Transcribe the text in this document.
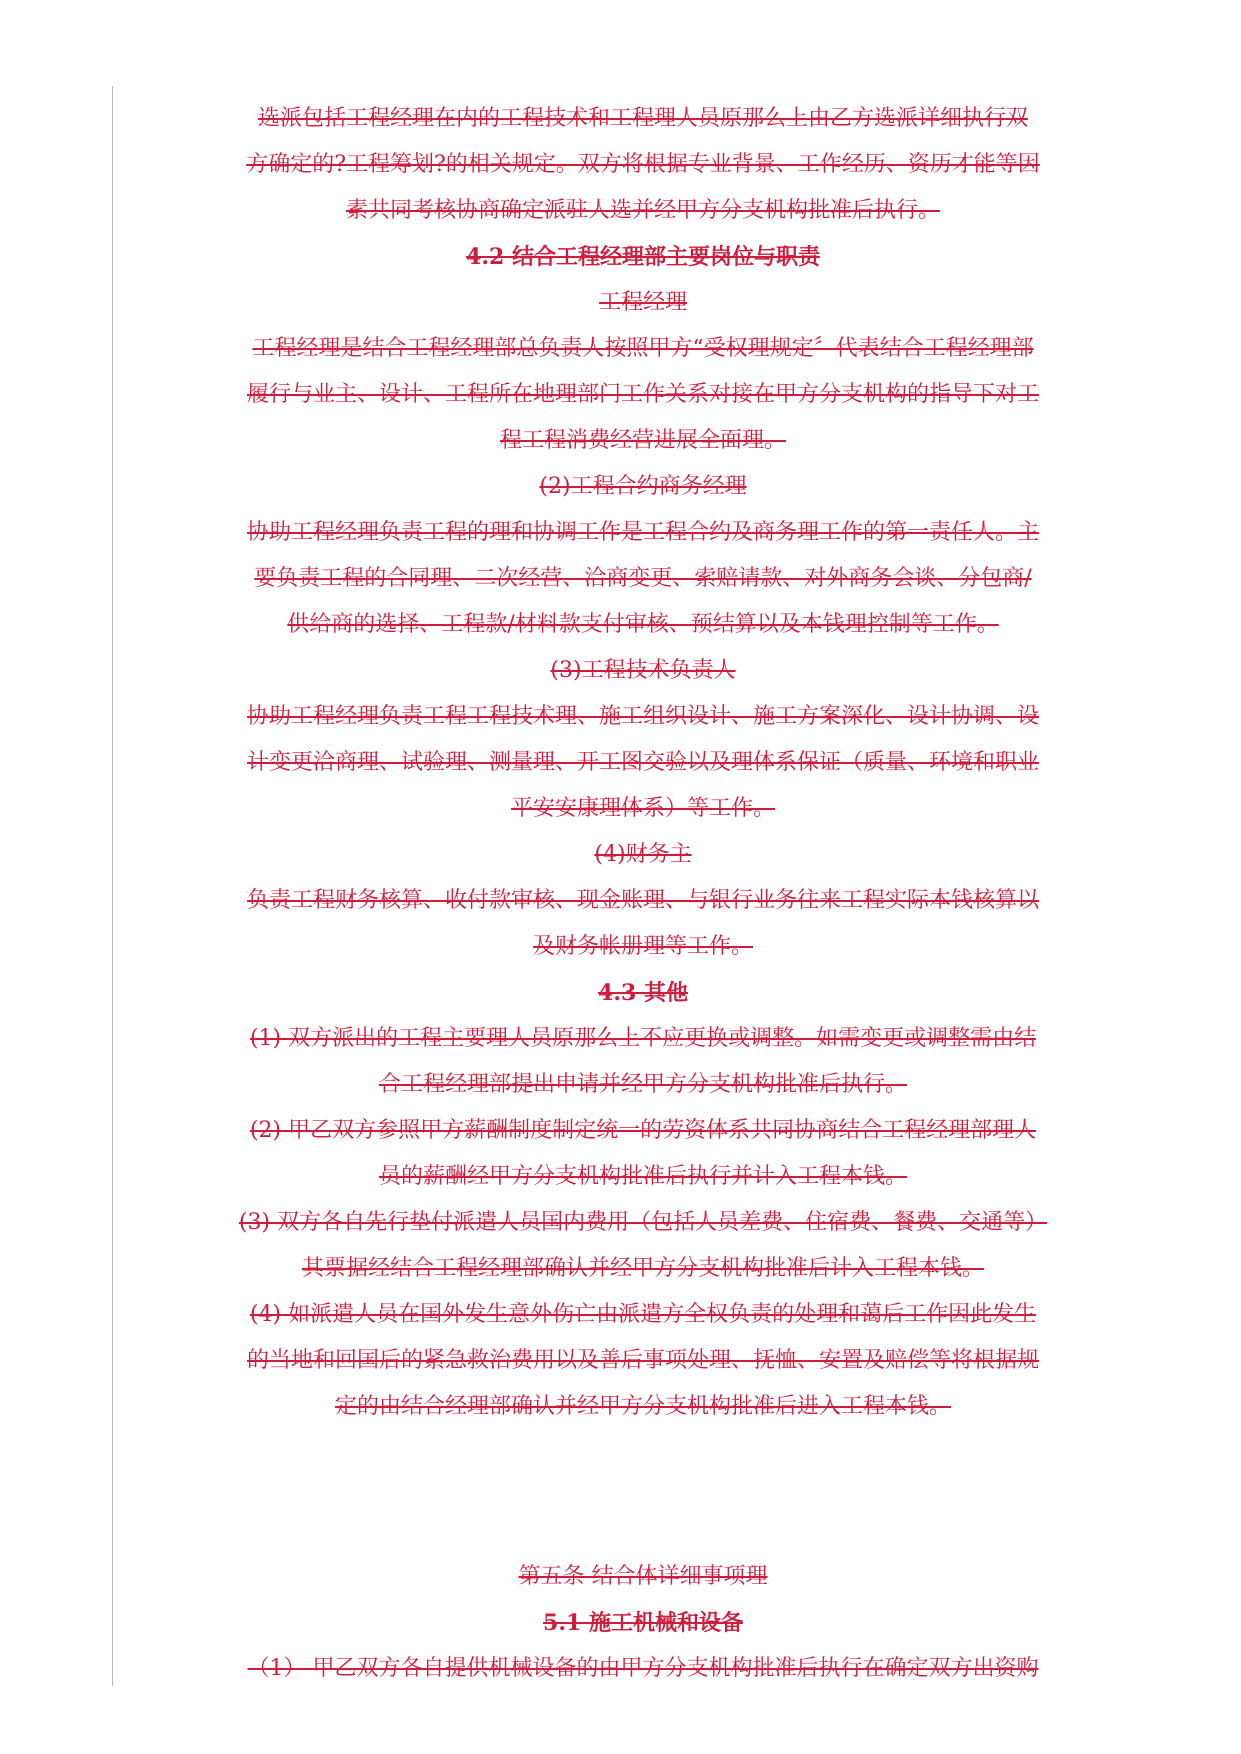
选派包括工程经理在内的工程技术和工程理人员原那么上由乙方选派详细执行双
方确定的?工程筹划?的相关规定。双方将根据专业背景、工作经历、资历才能等因
素共同考核协商确定派驻人选并经甲方分支机构批准后执行。
4.2 结合工程经理部主要岗位与职责
工程经理
工程经理是结合工程经理部总负责人按照甲方“受权理规定〞代表结合工程经理部
履行与业主、设计、工程所在地理部门工作关系对接在甲方分支机构的指导下对工
程工程消费经营进展全面理。
(2)工程合约商务经理
协助工程经理负责工程的理和协调工作是工程合约及商务理工作的第一责任人。主
要负责工程的合同理、二次经营、洽商变更、索赔请款、对外商务会谈、分包商/
供给商的选择、工程款/材料款支付审核、预结算以及本钱理控制等工作。
(3)工程技术负责人
协助工程经理负责工程工程技术理、施工组织设计、施工方案深化、设计协调、设
计变更洽商理、试验理、测量理、开工图交验以及理体系保证（质量、环境和职业
平安安康理体系）等工作。
(4)财务主
负责工程财务核算、收付款审核、现金账理、与银行业务往来工程实际本钱核算以
及财务帐册理等工作。
4.3 其他
(1) 双方派出的工程主要理人员原那么上不应更换或调整。如需变更或调整需由结
合工程经理部提出申请并经甲方分支机构批准后执行。
(2) 甲乙双方参照甲方薪酬制度制定统一的劳资体系共同协商结合工程经理部理人
员的薪酬经甲方分支机构批准后执行并计入工程本钱。
(3) 双方各自先行垫付派遣人员国内费用（包括人员差费、住宿费、餐费、交通等）
其票据经结合工程经理部确认并经甲方分支机构批准后计入工程本钱。
(4) 如派遣人员在国外发生意外伤亡由派遣方全权负责的处理和蔼后工作因此发生
的当地和回国后的紧急救治费用以及善后事项处理、抚恤、安置及赔偿等将根据规
定的由结合经理部确认并经甲方分支机构批准后进入工程本钱。
第五条 结合体详细事项理
5.1 施工机械和设备
（1） 甲乙双方各自提供机械设备的由甲方分支机构批准后执行在确定双方出资购
